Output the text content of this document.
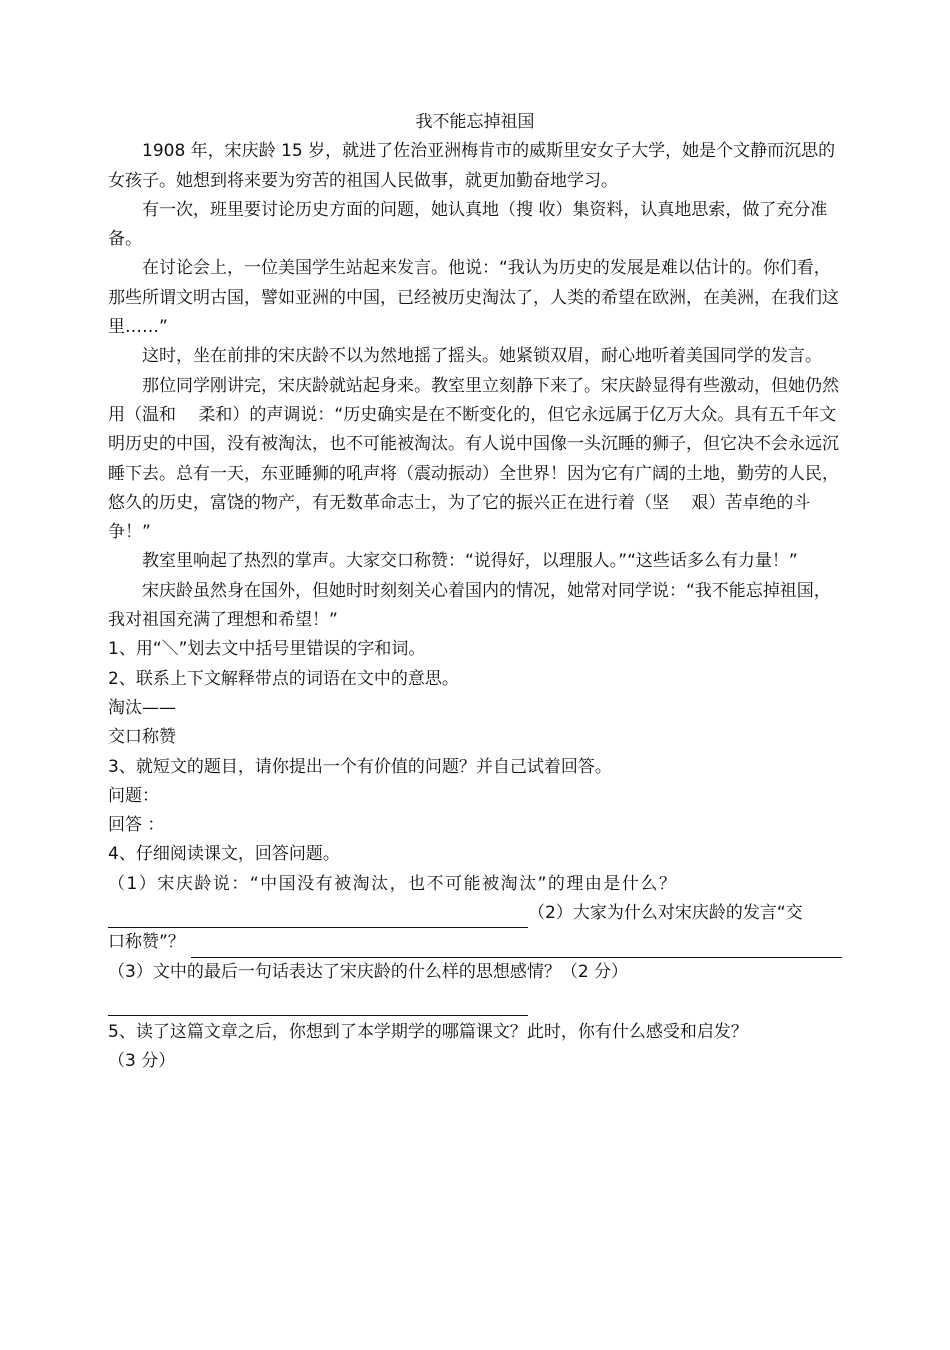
我不能忘掉祖国

1908 年，宋庆龄 15 岁，就进了佐治亚洲梅肯市的威斯里安女子大学，她是个文静而沉思的女孩子。她想到将来要为穷苦的祖国人民做事，就更加勤奋地学习。

有一次，班里要讨论历史方面的问题，她认真地（搜 收）集资料，认真地思索，做了充分准备。

在讨论会上，一位美国学生站起来发言。他说：“我认为历史的发展是难以估计的。你们看，那些所谓文明古国，譬如亚洲的中国，已经被历史淘汰了，人类的希望在欧洲，在美洲，在我们这里……”

这时，坐在前排的宋庆龄不以为然地摇了摇头。她紧锁双眉，耐心地听着美国同学的发言。

那位同学刚讲完，宋庆龄就站起身来。教室里立刻静下来了。宋庆龄显得有些激动，但她仍然用（温和　 柔和）的声调说：“历史确实是在不断变化的，但它永远属于亿万大众。具有五千年文明历史的中国，没有被淘汰，也不可能被淘汰。有人说中国像一头沉睡的狮子，但它决不会永远沉睡下去。总有一天，东亚睡狮的吼声将（震动振动）全世界！因为它有广阔的土地，勤劳的人民，悠久的历史，富饶的物产，有无数革命志士，为了它的振兴正在进行着（坚　 艰）苦卓绝的斗争！”

教室里响起了热烈的掌声。大家交口称赞：“说得好，以理服人。”“这些话多么有力量！”

宋庆龄虽然身在国外，但她时时刻刻关心着国内的情况，她常对同学说：“我不能忘掉祖国，我对祖国充满了理想和希望！”

1、用“＼”划去文中括号里错误的字和词。

2、联系上下文解释带点的词语在文中的意思。

淘汰——

交口称赞

3、就短文的题目，请你提出一个有价值的问题？并自己试着回答。

问题：

回答 ：

4、仔细阅读课文，回答问题。

（1）宋庆龄说：“中国没有被淘汰，也不可能被淘汰”的理由是什么？

（2）大家为什么对宋庆龄的发言“交
口称赞”？

（3）文中的最后一句话表达了宋庆龄的什么样的思想感情？（2 分）

5、读了这篇文章之后，你想到了本学期学的哪篇课文？此时，你有什么感受和启发？

（3 分）
